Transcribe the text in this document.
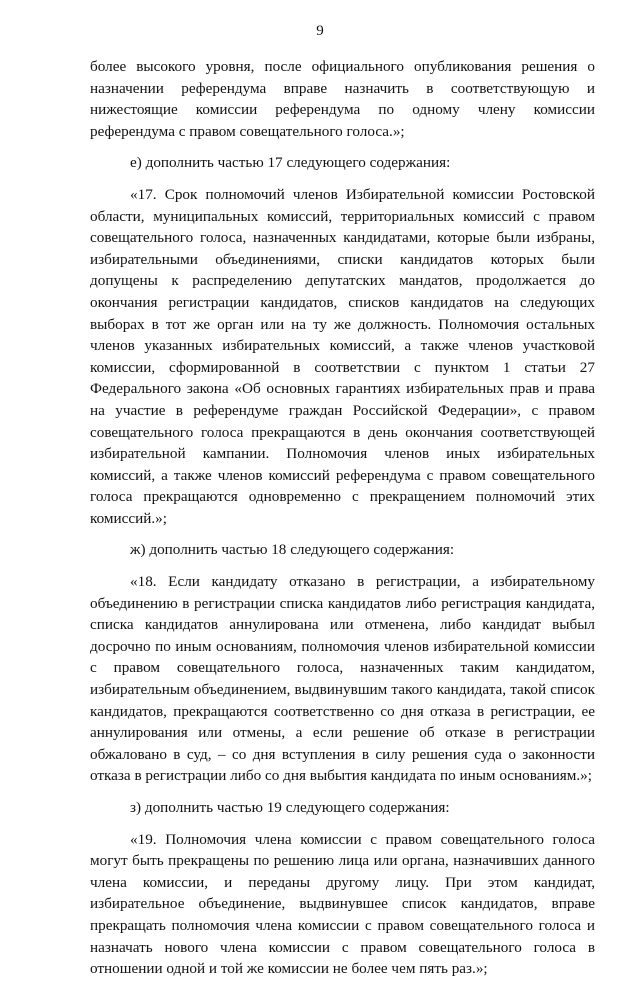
9

более высокого уровня, после официального опубликования решения о назначении референдума вправе назначить в соответствующую и нижестоящие комиссии референдума по одному члену комиссии референдума с правом совещательного голоса.»;

е) дополнить частью 17 следующего содержания:

«17. Срок полномочий членов Избирательной комиссии Ростовской области, муниципальных комиссий, территориальных комиссий с правом совещательного голоса, назначенных кандидатами, которые были избраны, избирательными объединениями, списки кандидатов которых были допущены к распределению депутатских мандатов, продолжается до окончания регистрации кандидатов, списков кандидатов на следующих выборах в тот же орган или на ту же должность. Полномочия остальных членов указанных избирательных комиссий, а также членов участковой комиссии, сформированной в соответствии с пунктом 1 статьи 27 Федерального закона «Об основных гарантиях избирательных прав и права на участие в референдуме граждан Российской Федерации», с правом совещательного голоса прекращаются в день окончания соответствующей избирательной кампании. Полномочия членов иных избирательных комиссий, а также членов комиссий референдума с правом совещательного голоса прекращаются одновременно с прекращением полномочий этих комиссий.»;

ж) дополнить частью 18 следующего содержания:

«18. Если кандидату отказано в регистрации, а избирательному объединению в регистрации списка кандидатов либо регистрация кандидата, списка кандидатов аннулирована или отменена, либо кандидат выбыл досрочно по иным основаниям, полномочия членов избирательной комиссии с правом совещательного голоса, назначенных таким кандидатом, избирательным объединением, выдвинувшим такого кандидата, такой список кандидатов, прекращаются соответственно со дня отказа в регистрации, ее аннулирования или отмены, а если решение об отказе в регистрации обжаловано в суд, – со дня вступления в силу решения суда о законности отказа в регистрации либо со дня выбытия кандидата по иным основаниям.»;

з) дополнить частью 19 следующего содержания:

«19. Полномочия члена комиссии с правом совещательного голоса могут быть прекращены по решению лица или органа, назначивших данного члена комиссии, и переданы другому лицу. При этом кандидат, избирательное объединение, выдвинувшее список кандидатов, вправе прекращать полномочия члена комиссии с правом совещательного голоса и назначать нового члена комиссии с правом совещательного голоса в отношении одной и той же комиссии не более чем пять раз.»;
